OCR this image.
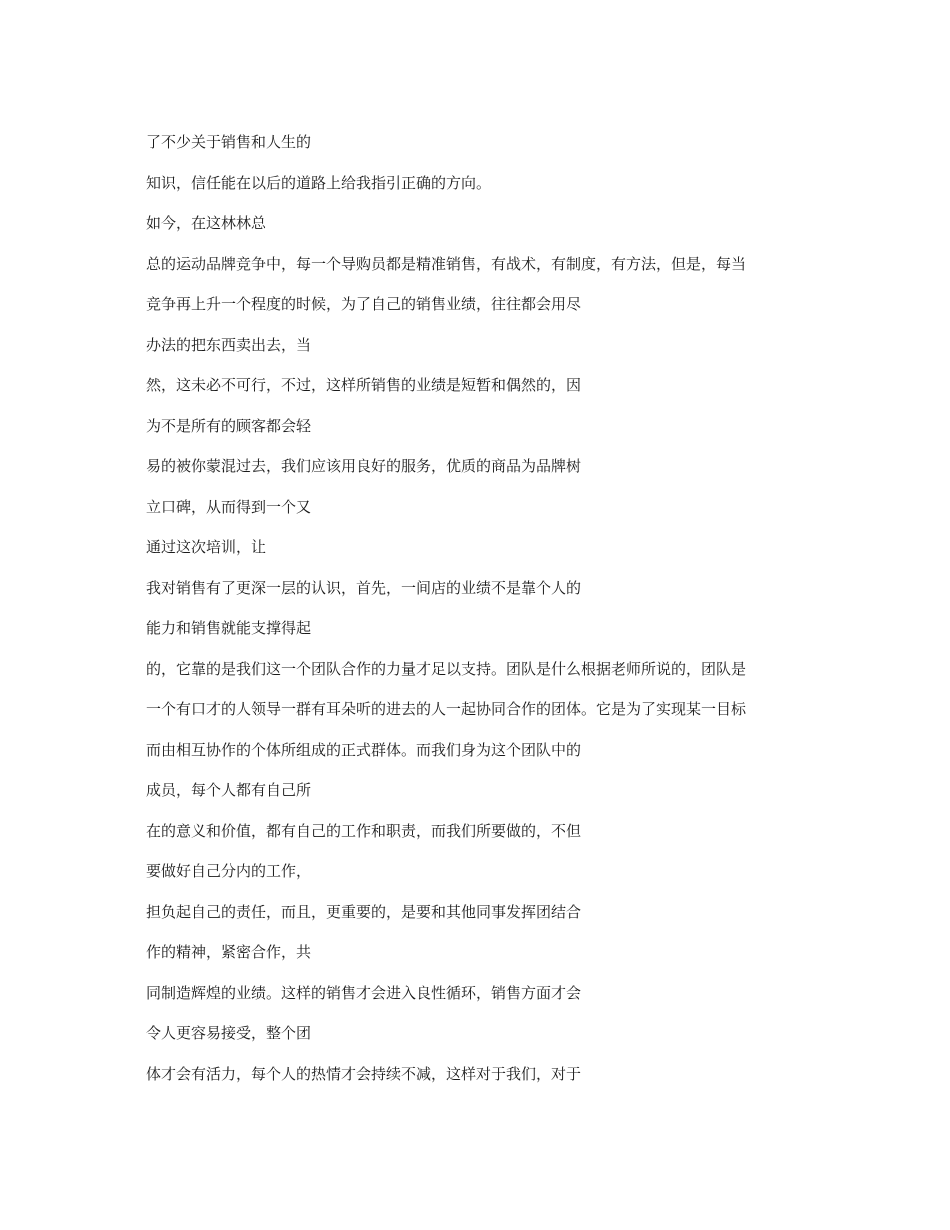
了不少关于销售和人生的
知识，信任能在以后的道路上给我指引正确的方向。
如今，在这林林总
总的运动品牌竞争中，每一个导购员都是精准销售，有战术，有制度，有方法，但是，每当
竞争再上升一个程度的时候，为了自己的销售业绩，往往都会用尽
办法的把东西卖出去，当
然，这未必不可行，不过，这样所销售的业绩是短暂和偶然的，因
为不是所有的顾客都会轻
易的被你蒙混过去，我们应该用良好的服务，优质的商品为品牌树
立口碑，从而得到一个又
通过这次培训，让
我对销售有了更深一层的认识，首先，一间店的业绩不是靠个人的
能力和销售就能支撑得起
的，它靠的是我们这一个团队合作的力量才足以支持。团队是什么根据老师所说的，团队是
一个有口才的人领导一群有耳朵听的进去的人一起协同合作的团体。它是为了实现某一目标
而由相互协作的个体所组成的正式群体。而我们身为这个团队中的
成员，每个人都有自己所
在的意义和价值，都有自己的工作和职责，而我们所要做的，不但
要做好自己分内的工作，
担负起自己的责任，而且，更重要的，是要和其他同事发挥团结合
作的精神，紧密合作，共
同制造辉煌的业绩。这样的销售才会进入良性循环，销售方面才会
令人更容易接受，整个团
体才会有活力，每个人的热情才会持续不减，这样对于我们，对于
